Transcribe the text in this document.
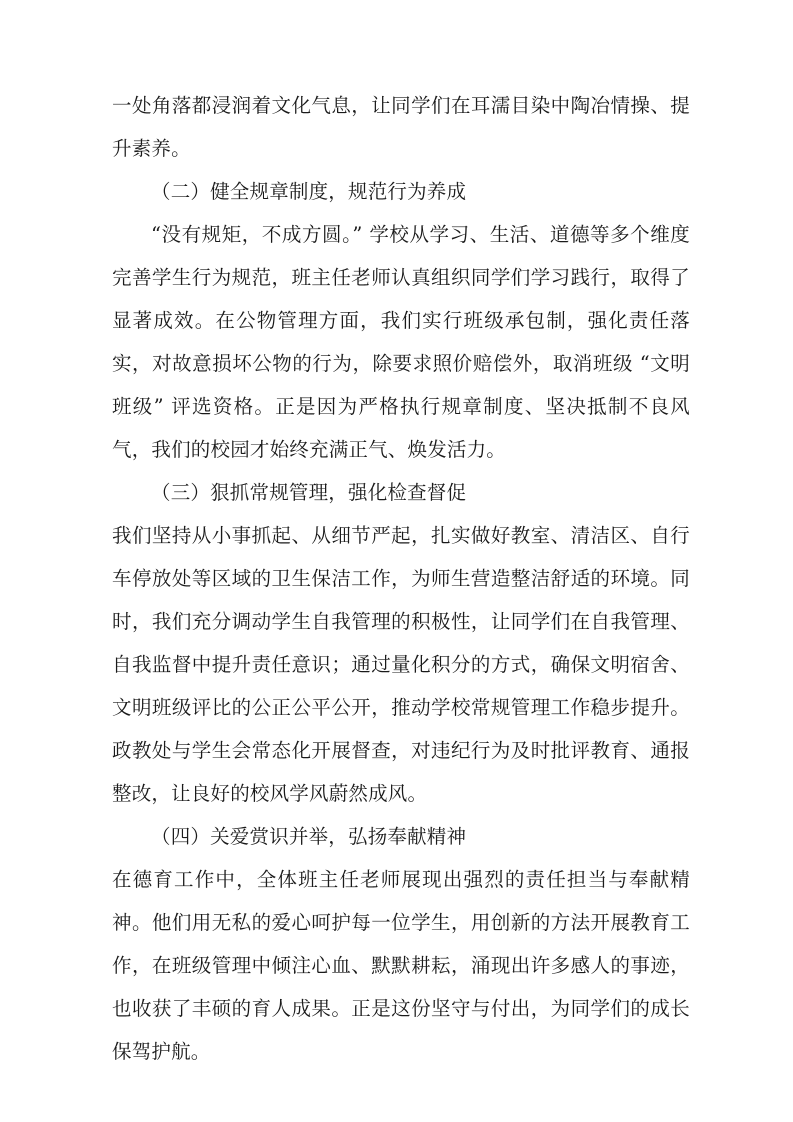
一处角落都浸润着文化气息，让同学们在耳濡目染中陶冶情操、提升素养。

（二）健全规章制度，规范行为养成

“没有规矩，不成方圆。” 学校从学习、生活、道德等多个维度完善学生行为规范，班主任老师认真组织同学们学习践行，取得了显著成效。在公物管理方面，我们实行班级承包制，强化责任落实，对故意损坏公物的行为，除要求照价赔偿外，取消班级 “文明班级” 评选资格。正是因为严格执行规章制度、坚决抵制不良风气，我们的校园才始终充满正气、焕发活力。

（三）狠抓常规管理，强化检查督促

我们坚持从小事抓起、从细节严起，扎实做好教室、清洁区、自行车停放处等区域的卫生保洁工作，为师生营造整洁舒适的环境。同时，我们充分调动学生自我管理的积极性，让同学们在自我管理、自我监督中提升责任意识；通过量化积分的方式，确保文明宿舍、文明班级评比的公正公平公开，推动学校常规管理工作稳步提升。政教处与学生会常态化开展督查，对违纪行为及时批评教育、通报整改，让良好的校风学风蔚然成风。

（四）关爱赏识并举，弘扬奉献精神

在德育工作中，全体班主任老师展现出强烈的责任担当与奉献精神。他们用无私的爱心呵护每一位学生，用创新的方法开展教育工作，在班级管理中倾注心血、默默耕耘，涌现出许多感人的事迹，也收获了丰硕的育人成果。正是这份坚守与付出，为同学们的成长保驾护航。
